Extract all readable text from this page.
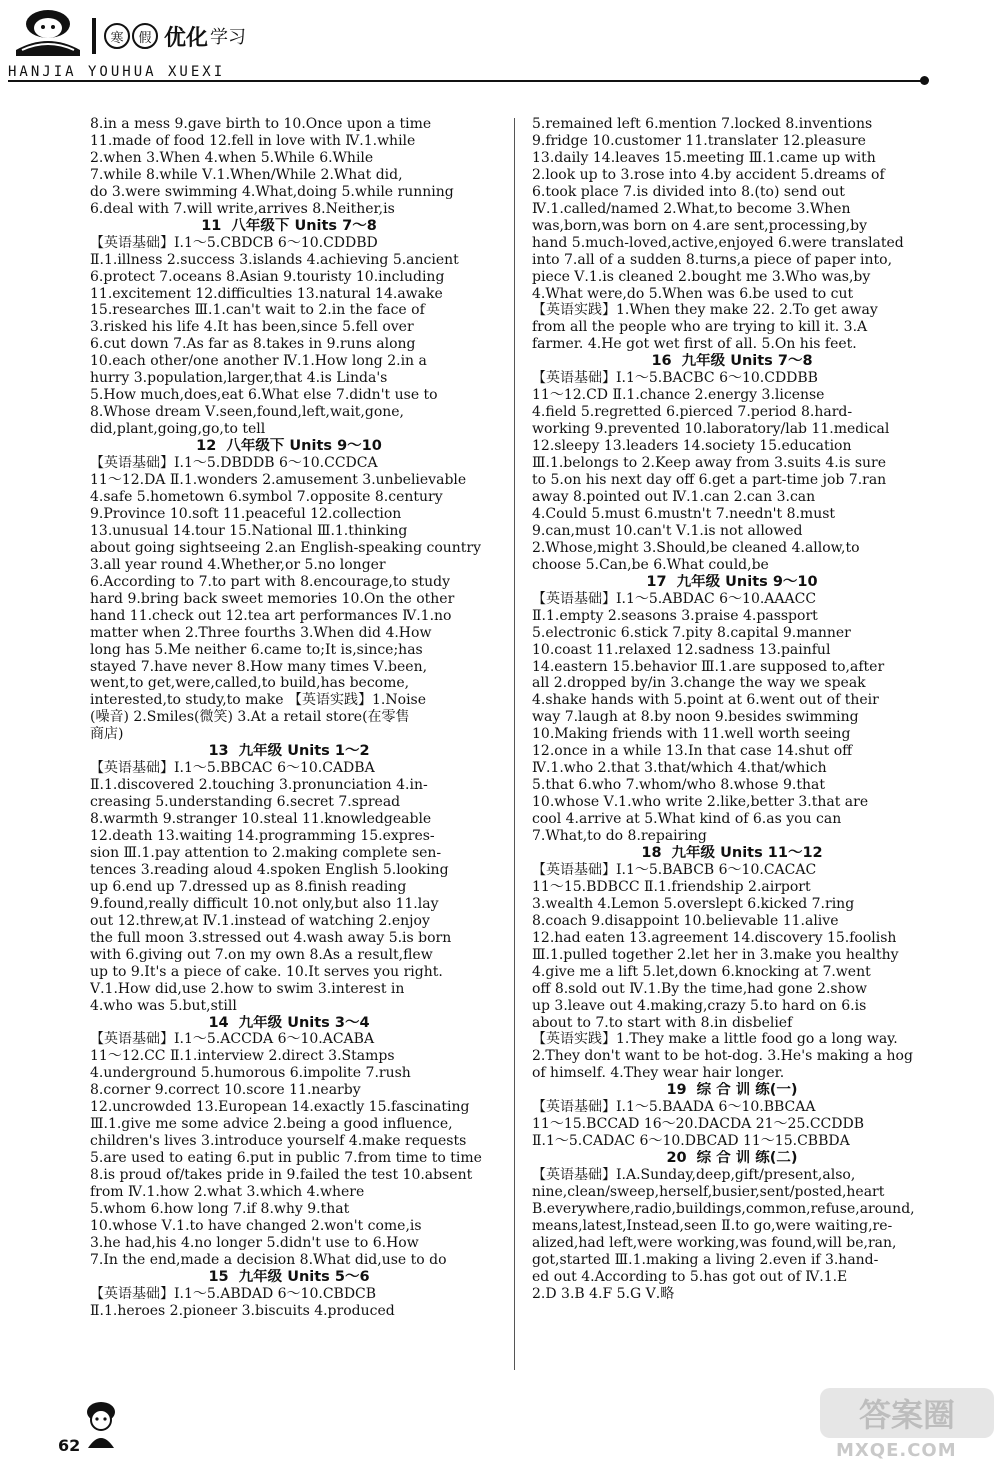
寒	假 优化 学习
HANJIA YOUHUA XUEXI
8.in a mess 9.gave birth to 10.Once upon a time
11.made of food 12.fell in love with Ⅳ.1.while
2.when 3.When 4.when 5.While 6.While
7.while 8.while Ⅴ.1.When/While 2.What did,
do 3.were swimming 4.What,doing 5.while running
6.deal with 7.will write,arrives 8.Neither,is
11 八年级下 Units 7～8
【英语基础】Ⅰ.1～5.CBDCB 6～10.CDDBD
Ⅱ.1.illness 2.success 3.islands 4.achieving 5.ancient
6.protect 7.oceans 8.Asian 9.touristy 10.including
11.excitement 12.difficulties 13.natural 14.awake
15.researches Ⅲ.1.can't wait to 2.in the face of
3.risked his life 4.It has been,since 5.fell over
6.cut down 7.As far as 8.takes in 9.runs along
10.each other/one another Ⅳ.1.How long 2.in a
hurry 3.population,larger,that 4.is Linda's
5.How much,does,eat 6.What else 7.didn't use to
8.Whose dream Ⅴ.seen,found,left,wait,gone,
did,plant,going,go,to tell
12 八年级下 Units 9～10
【英语基础】Ⅰ.1～5.DBDDB 6～10.CCDCA
11～12.DA Ⅱ.1.wonders 2.amusement 3.unbelievable
4.safe 5.hometown 6.symbol 7.opposite 8.century
9.Province 10.soft 11.peaceful 12.collection
13.unusual 14.tour 15.National Ⅲ.1.thinking
about going sightseeing 2.an English-speaking country
3.all year round 4.Whether,or 5.no longer
6.According to 7.to part with 8.encourage,to study
hard 9.bring back sweet memories 10.On the other
hand 11.check out 12.tea art performances Ⅳ.1.no
matter when 2.Three fourths 3.When did 4.How
long has 5.Me neither 6.came to;It is,since;has
stayed 7.have never 8.How many times Ⅴ.been,
went,to get,were,called,to build,has become,
interested,to study,to make 【英语实践】1.Noise
(噪音) 2.Smiles(微笑) 3.At a retail store(在零售
商店)
13 九年级 Units 1～2
【英语基础】Ⅰ.1～5.BBCAC 6～10.CADBA
Ⅱ.1.discovered 2.touching 3.pronunciation 4.in-
creasing 5.understanding 6.secret 7.spread
8.warmth 9.stranger 10.steal 11.knowledgeable
12.death 13.waiting 14.programming 15.expres-
sion Ⅲ.1.pay attention to 2.making complete sen-
tences 3.reading aloud 4.spoken English 5.looking
up 6.end up 7.dressed up as 8.finish reading
9.found,really difficult 10.not only,but also 11.lay
out 12.threw,at Ⅳ.1.instead of watching 2.enjoy
the full moon 3.stressed out 4.wash away 5.is born
with 6.giving out 7.on my own 8.As a result,flew
up to 9.It's a piece of cake. 10.It serves you right.
Ⅴ.1.How did,use 2.how to swim 3.interest in
4.who was 5.but,still
14 九年级 Units 3～4
【英语基础】Ⅰ.1～5.ACCDA 6～10.ACABA
11～12.CC Ⅱ.1.interview 2.direct 3.Stamps
4.underground 5.humorous 6.impolite 7.rush
8.corner 9.correct 10.score 11.nearby
12.uncrowded 13.European 14.exactly 15.fascinating
Ⅲ.1.give me some advice 2.being a good influence,
children's lives 3.introduce yourself 4.make requests
5.are used to eating 6.put in public 7.from time to time
8.is proud of/takes pride in 9.failed the test 10.absent
from Ⅳ.1.how 2.what 3.which 4.where
5.whom 6.how long 7.if 8.why 9.that
10.whose Ⅴ.1.to have changed 2.won't come,is
3.he had,his 4.no longer 5.didn't use to 6.How
7.In the end,made a decision 8.What did,use to do
15 九年级 Units 5～6
【英语基础】Ⅰ.1～5.ABDAD 6～10.CBDCB
Ⅱ.1.heroes 2.pioneer 3.biscuits 4.produced
5.remained left 6.mention 7.locked 8.inventions
9.fridge 10.customer 11.translater 12.pleasure
13.daily 14.leaves 15.meeting Ⅲ.1.came up with
2.look up to 3.rose into 4.by accident 5.dreams of
6.took place 7.is divided into 8.(to) send out
Ⅳ.1.called/named 2.What,to become 3.When
was,born,was born on 4.are sent,processing,by
hand 5.much-loved,active,enjoyed 6.were translated
into 7.all of a sudden 8.turns,a piece of paper into,
piece Ⅴ.1.is cleaned 2.bought me 3.Who was,by
4.What were,do 5.When was 6.be used to cut
【英语实践】1.When they make 22. 2.To get away
from all the people who are trying to kill it. 3.A
farmer. 4.He got wet first of all. 5.On his feet.
16 九年级 Units 7～8
【英语基础】Ⅰ.1～5.BACBC 6～10.CDDBB
11～12.CD Ⅱ.1.chance 2.energy 3.license
4.field 5.regretted 6.pierced 7.period 8.hard-
working 9.prevented 10.laboratory/lab 11.medical
12.sleepy 13.leaders 14.society 15.education
Ⅲ.1.belongs to 2.Keep away from 3.suits 4.is sure
to 5.on his next day off 6.get a part-time job 7.ran
away 8.pointed out Ⅳ.1.can 2.can 3.can
4.Could 5.must 6.mustn't 7.needn't 8.must
9.can,must 10.can't Ⅴ.1.is not allowed
2.Whose,might 3.Should,be cleaned 4.allow,to
choose 5.Can,be 6.What could,be
17 九年级 Units 9～10
【英语基础】Ⅰ.1～5.ABDAC 6～10.AAACC
Ⅱ.1.empty 2.seasons 3.praise 4.passport
5.electronic 6.stick 7.pity 8.capital 9.manner
10.coast 11.relaxed 12.sadness 13.painful
14.eastern 15.behavior Ⅲ.1.are supposed to,after
all 2.dropped by/in 3.change the way we speak
4.shake hands with 5.point at 6.went out of their
way 7.laugh at 8.by noon 9.besides swimming
10.Making friends with 11.well worth seeing
12.once in a while 13.In that case 14.shut off
Ⅳ.1.who 2.that 3.that/which 4.that/which
5.that 6.who 7.whom/who 8.whose 9.that
10.whose Ⅴ.1.who write 2.like,better 3.that are
cool 4.arrive at 5.What kind of 6.as you can
7.What,to do 8.repairing
18 九年级 Units 11～12
【英语基础】Ⅰ.1～5.BABCB 6～10.CACAC
11～15.BDBCC Ⅱ.1.friendship 2.airport
3.wealth 4.Lemon 5.overslept 6.kicked 7.ring
8.coach 9.disappoint 10.believable 11.alive
12.had eaten 13.agreement 14.discovery 15.foolish
Ⅲ.1.pulled together 2.let her in 3.make you healthy
4.give me a lift 5.let,down 6.knocking at 7.went
off 8.sold out Ⅳ.1.By the time,had gone 2.show
up 3.leave out 4.making,crazy 5.to hard on 6.is
about to 7.to start with 8.in disbelief
【英语实践】1.They make a little food go a long way.
2.They don't want to be hot-dog. 3.He's making a hog
of himself. 4.They wear hair longer.
19 综 合 训 练(一)
【英语基础】Ⅰ.1～5.BAADA 6～10.BBCAA
11～15.BCCAD 16～20.DACDA 21～25.CCDDB
Ⅱ.1～5.CADAC 6～10.DBCAD 11～15.CBBDA
20 综 合 训 练(二)
【英语基础】Ⅰ.A.Sunday,deep,gift/present,also,
nine,clean/sweep,herself,busier,sent/posted,heart
B.everywhere,radio,buildings,common,refuse,around,
means,latest,Instead,seen Ⅱ.to go,were waiting,re-
alized,had left,were working,was found,will be,ran,
got,started Ⅲ.1.making a living 2.even if 3.hand-
ed out 4.According to 5.has got out of Ⅳ.1.E
2.D 3.B 4.F 5.G Ⅴ.略
62
答案圈
MXQE.COM
